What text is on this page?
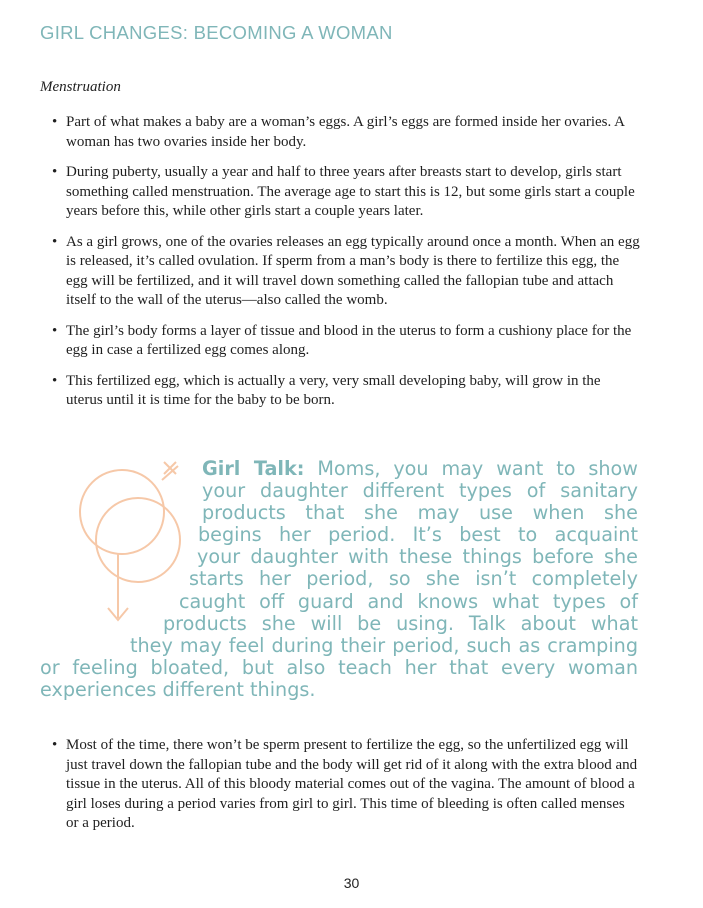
GIRL CHANGES: BECOMING A WOMAN
Menstruation
• Part of what makes a baby are a woman’s eggs. A girl’s eggs are formed inside her ovaries. A woman has two ovaries inside her body.
• During puberty, usually a year and half to three years after breasts start to develop, girls start something called menstruation. The average age to start this is 12, but some girls start a couple years before this, while other girls start a couple years later.
• As a girl grows, one of the ovaries releases an egg typically around once a month. When an egg is released, it’s called ovulation. If sperm from a man’s body is there to fertilize this egg, the egg will be fertilized, and it will travel down something called the fallopian tube and attach itself to the wall of the uterus—also called the womb.
• The girl’s body forms a layer of tissue and blood in the uterus to form a cushiony place for the egg in case a fertilized egg comes along.
• This fertilized egg, which is actually a very, very small developing baby, will grow in the uterus until it is time for the baby to be born.
Girl Talk: Moms, you may want to show
your daughter different types of sanitary
products that she may use when she
begins her period. It’s best to acquaint
your daughter with these things before she
starts her period, so she isn’t completely
caught off guard and knows what types of
products she will be using. Talk about what
they may feel during their period, such as cramping
or feeling bloated, but also teach her that every woman
experiences different things.
• Most of the time, there won’t be sperm present to fertilize the egg, so the unfertilized egg will just travel down the fallopian tube and the body will get rid of it along with the extra blood and tissue in the uterus. All of this bloody material comes out of the vagina. The amount of blood a girl loses during a period varies from girl to girl. This time of bleeding is often called menses or a period.
30
